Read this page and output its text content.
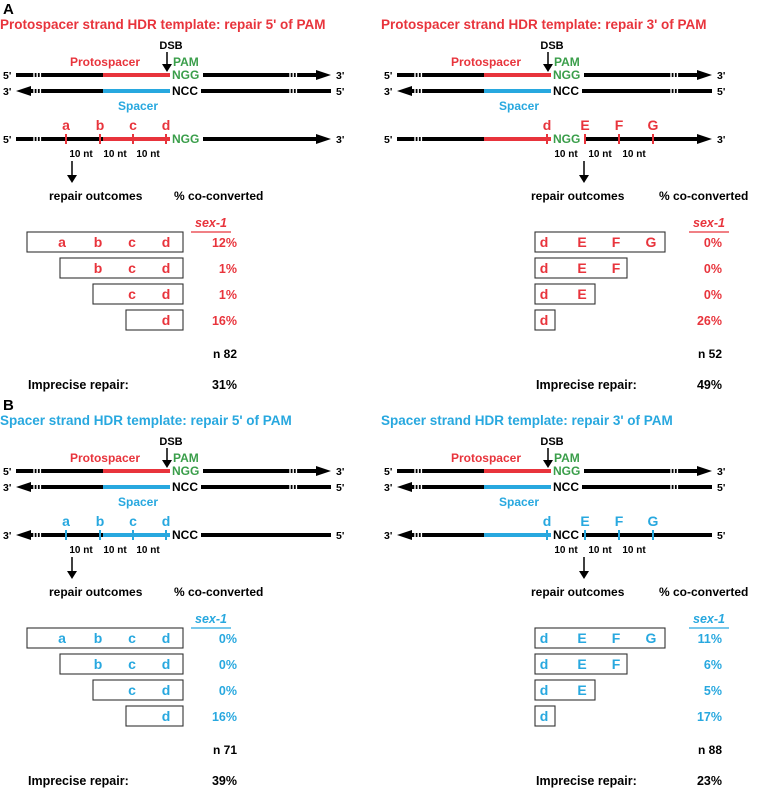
A
B
Protospacer strand HDR template: repair 5' of PAM
DSB
Protospacer	PAM
5'	NGG	3'
3'	NCC	5'
Spacer
5'	NGG	3'
a b c d
10 nt 10 nt 10 nt
repair outcomes	% co-converted
sex-1
a b c d	12%
b c d	1%
c d	1%
d	16%
n 82
Imprecise repair:	31%
Protospacer strand HDR template: repair 3' of PAM
DSB
Protospacer	PAM
5'	NGG	3'
3'	NCC	5'
Spacer
5'	NGG	3'
d E F G
10 nt 10 nt 10 nt
repair outcomes	% co-converted
sex-1
d E F G	0%
d E F	0%
d E	0%
d	26%
n 52
Imprecise repair:	49%
Spacer strand HDR template: repair 5' of PAM
DSB
Protospacer	PAM
5'	NGG	3'
3'	NCC	5'
Spacer
3'	NCC	5'
a b c d
10 nt 10 nt 10 nt
repair outcomes	% co-converted
sex-1
a b c d	0%
b c d	0%
c d	0%
d	16%
n 71
Imprecise repair:	39%
Spacer strand HDR template: repair 3' of PAM
DSB
Protospacer	PAM
5'	NGG	3'
3'	NCC	5'
Spacer
3'	NCC	5'
d E F G
10 nt 10 nt 10 nt
repair outcomes	% co-converted
sex-1
d E F G	11%
d E F	6%
d E	5%
d	17%
n 88
Imprecise repair:	23%
